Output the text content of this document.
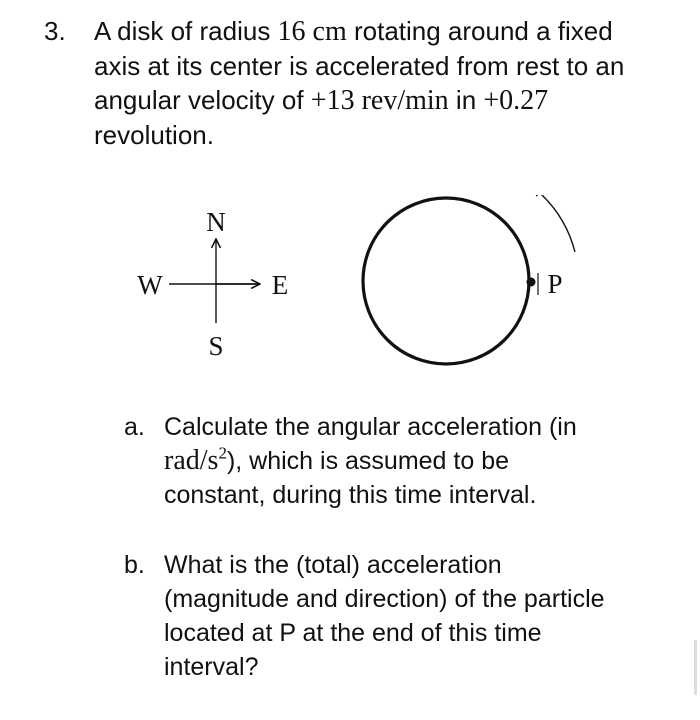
3.	A disk of radius 16 cm rotating around a fixed
axis at its center is accelerated from rest to an
angular velocity of +13 rev/min in +0.27
revolution.
N
S
E
W	P
a. Calculate the angular acceleration (in
rad/$s^2$), which is assumed to be
constant, during this time interval.
b. What is the (total) acceleration
(magnitude and direction) of the particle
located at P at the end of this time
interval?
